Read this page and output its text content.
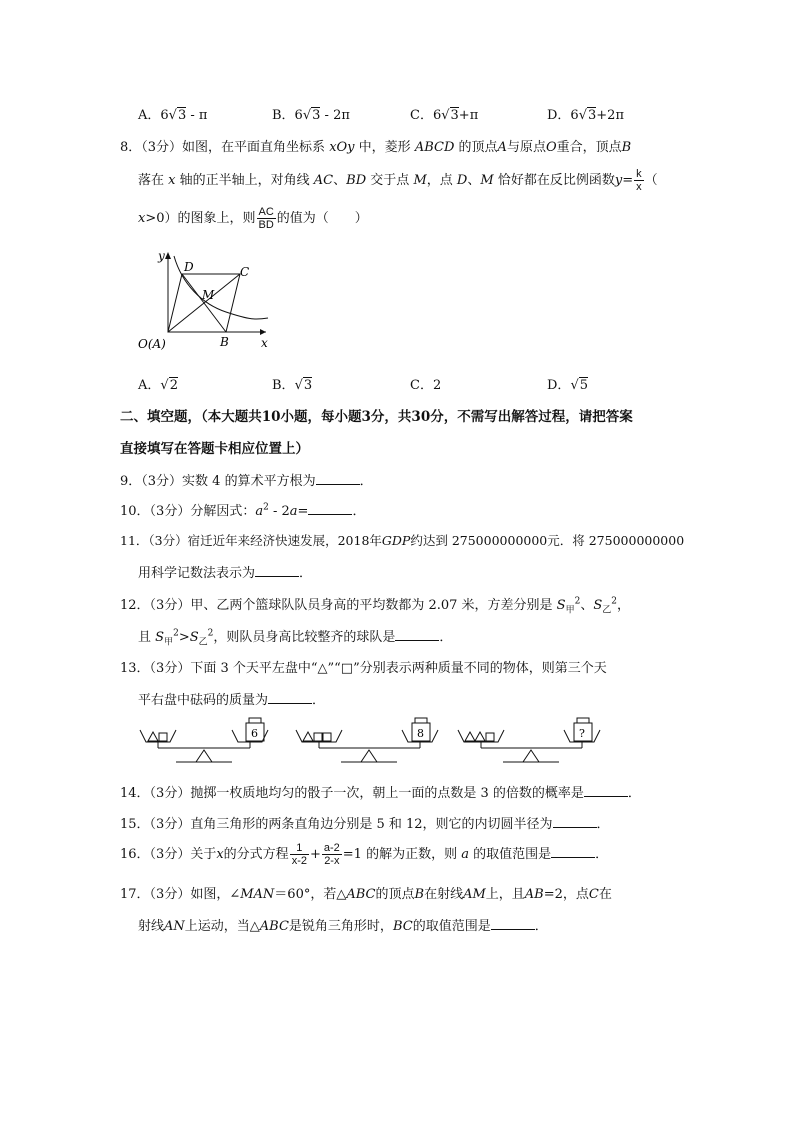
A．6√3 - π	B．6√3 - 2π	C．6√3+π	D．6√3+2π
8．（3分）如图，在平面直角坐标系 xOy 中，菱形 ABCD 的顶点A与原点O重合，顶点B
落在 x 轴的正半轴上，对角线 AC、BD 交于点 M，点 D、M 恰好都在反比例函数$y= \frac{k}{x}$ （
x>0）的图象上，则 $\frac{AC}{BD}$ 的值为（　　）
y
x
D	C
M
B
O(A)
A．√2	B．√3	C．2	D．√5
二、填空题，（本大题共10小题，每小题3分，共30分，不需写出解答过程，请把答案
直接填写在答题卡相应位置上）
9．（3分）实数 4 的算术平方根为	．
10．（3分）分解因式：$a^2 - 2a=$	．
11．（3分）宿迁近年来经济快速发展，2018年GDP约达到 275000000000元．将 275000000000
用科学记数法表示为	．
12．（3分）甲、乙两个篮球队队员身高的平均数都为 2.07 米，方差分别是 $S_甲^2$、$S_乙^2$，
且 $S_甲^2>S_乙^2$，则队员身高比较整齐的球队是	．
13．（3分）下面 3 个天平左盘中“△”“□”分别表示两种质量不同的物体，则第三个天
平右盘中砝码的质量为	．
6	8	?
14．（3分）抛掷一枚质地均匀的骰子一次，朝上一面的点数是 3 的倍数的概率是	．
15．（3分）直角三角形的两条直角边分别是 5 和 12，则它的内切圆半径为	．
16．（3分）关于x的分式方程 $\frac{1}{x-2} + \frac{a-2}{2-x} =1$ 的解为正数，则 a 的取值范围是	．
17．（3分）如图，∠MAN＝60°，若△ABC的顶点B在射线AM上，且AB=2，点C在
射线AN上运动，当△ABC是锐角三角形时，BC的取值范围是	．
